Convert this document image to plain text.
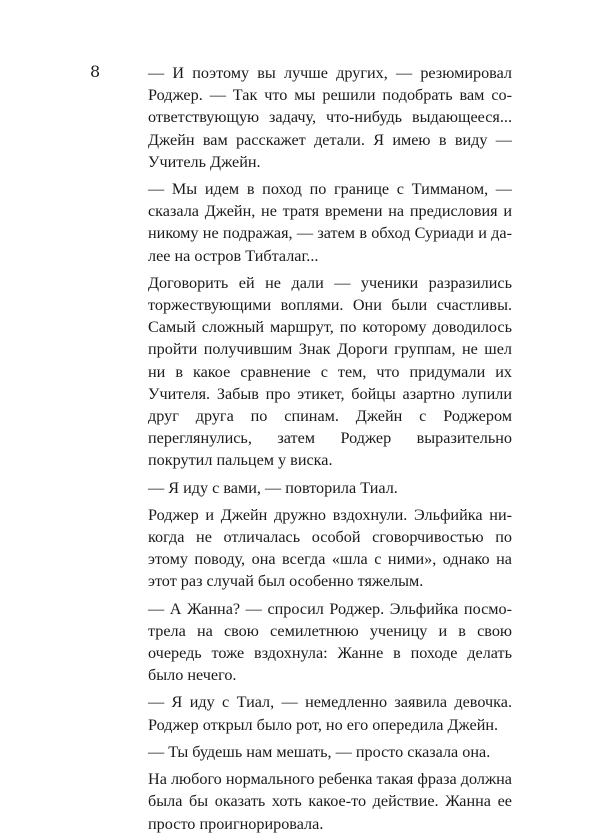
8	— И поэтому вы лучше других, — резюмировал Роджер. — Так что мы решили подобрать вам соответствующую задачу, что-нибудь выдающееся... Джейн вам расскажет детали. Я имею в виду — Учитель Джейн.

— Мы идем в поход по границе с Тимманом, — сказала Джейн, не тратя времени на предисловия и никому не подражая, — затем в обход Суриади и далее на остров Тибталаг...

Договорить ей не дали — ученики разразились торжествующими воплями. Они были счастливы. Самый сложный маршрут, по которому доводилось пройти получившим Знак Дороги группам, не шел ни в какое сравнение с тем, что придумали их Учителя. Забыв про этикет, бойцы азартно лупили друг друга по спинам. Джейн с Роджером переглянулись, затем Роджер выразительно покрутил пальцем у виска.

— Я иду с вами, — повторила Тиал.

Роджер и Джейн дружно вздохнули. Эльфийка никогда не отличалась особой сговорчивостью по этому поводу, она всегда «шла с ними», однако на этот раз случай был особенно тяжелым.

— А Жанна? — спросил Роджер. Эльфийка посмотрела на свою семилетнюю ученицу и в свою очередь тоже вздохнула: Жанне в походе делать было нечего.

— Я иду с Тиал, — немедленно заявила девочка. Роджер открыл было рот, но его опередила Джейн.

— Ты будешь нам мешать, — просто сказала она.

На любого нормального ребенка такая фраза должна была бы оказать хоть какое-то действие. Жанна ее просто проигнорировала.
